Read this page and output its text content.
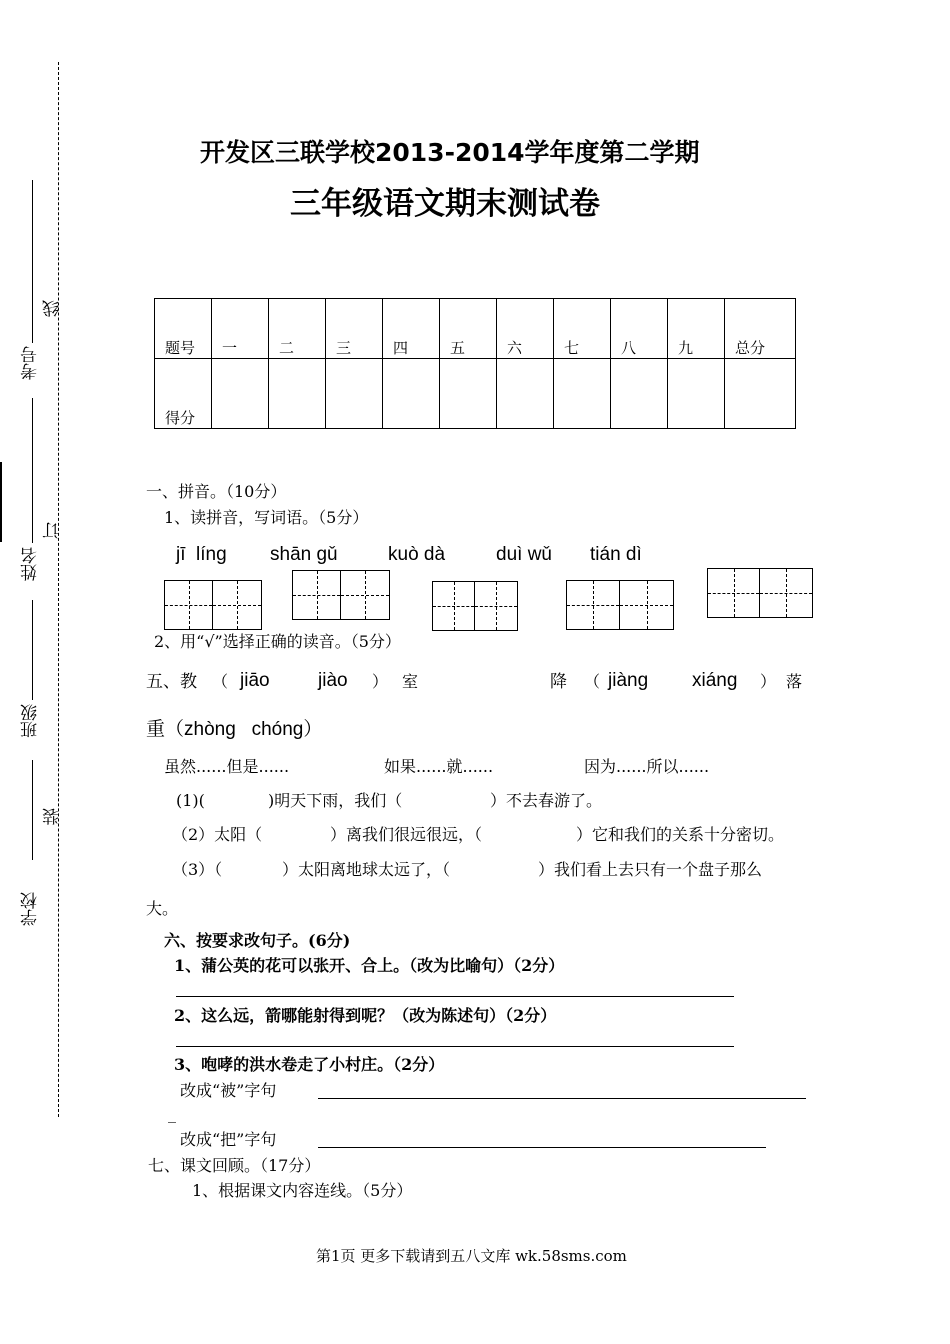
考号
线
姓名
订
班级
装
学校
开发区三联学校2013-2014学年度第二学期
三年级语文期末测试卷
题号	一	二	三	四	五	六	七	八	九	总分
得分										
一、拼音。（10分）
1、读拼音，写词语。（5分）
jī  líng shān gǔ	kuò dà	duì wǔ tián dì
2、用“√”选择正确的读音。（5分）
五、教 （ jiāo	jiào ） 室	降 （ jiàng xiáng ） 落
重（zhòng   chóng）
虽然......但是......	如果......就......	因为......所以......
(1)(	)明天下雨，我们（	）不去春游了。
（2）太阳（	）离我们很远很远，（	）它和我们的关系十分密切。
（3）（	）太阳离地球太远了，（	）我们看上去只有一个盘子那么
大。
六、按要求改句子。(6分)
1、蒲公英的花可以张开、合上。（改为比喻句）（2分）
2、这么远，箭哪能射得到呢？（改为陈述句）（2分）
3、咆哮的洪水卷走了小村庄。（2分）
改成“被”字句
_
改成“把”字句
七、课文回顾。（17分）
1、根据课文内容连线。（5分）
第1页 更多下载请到五八文库 wk.58sms.com
